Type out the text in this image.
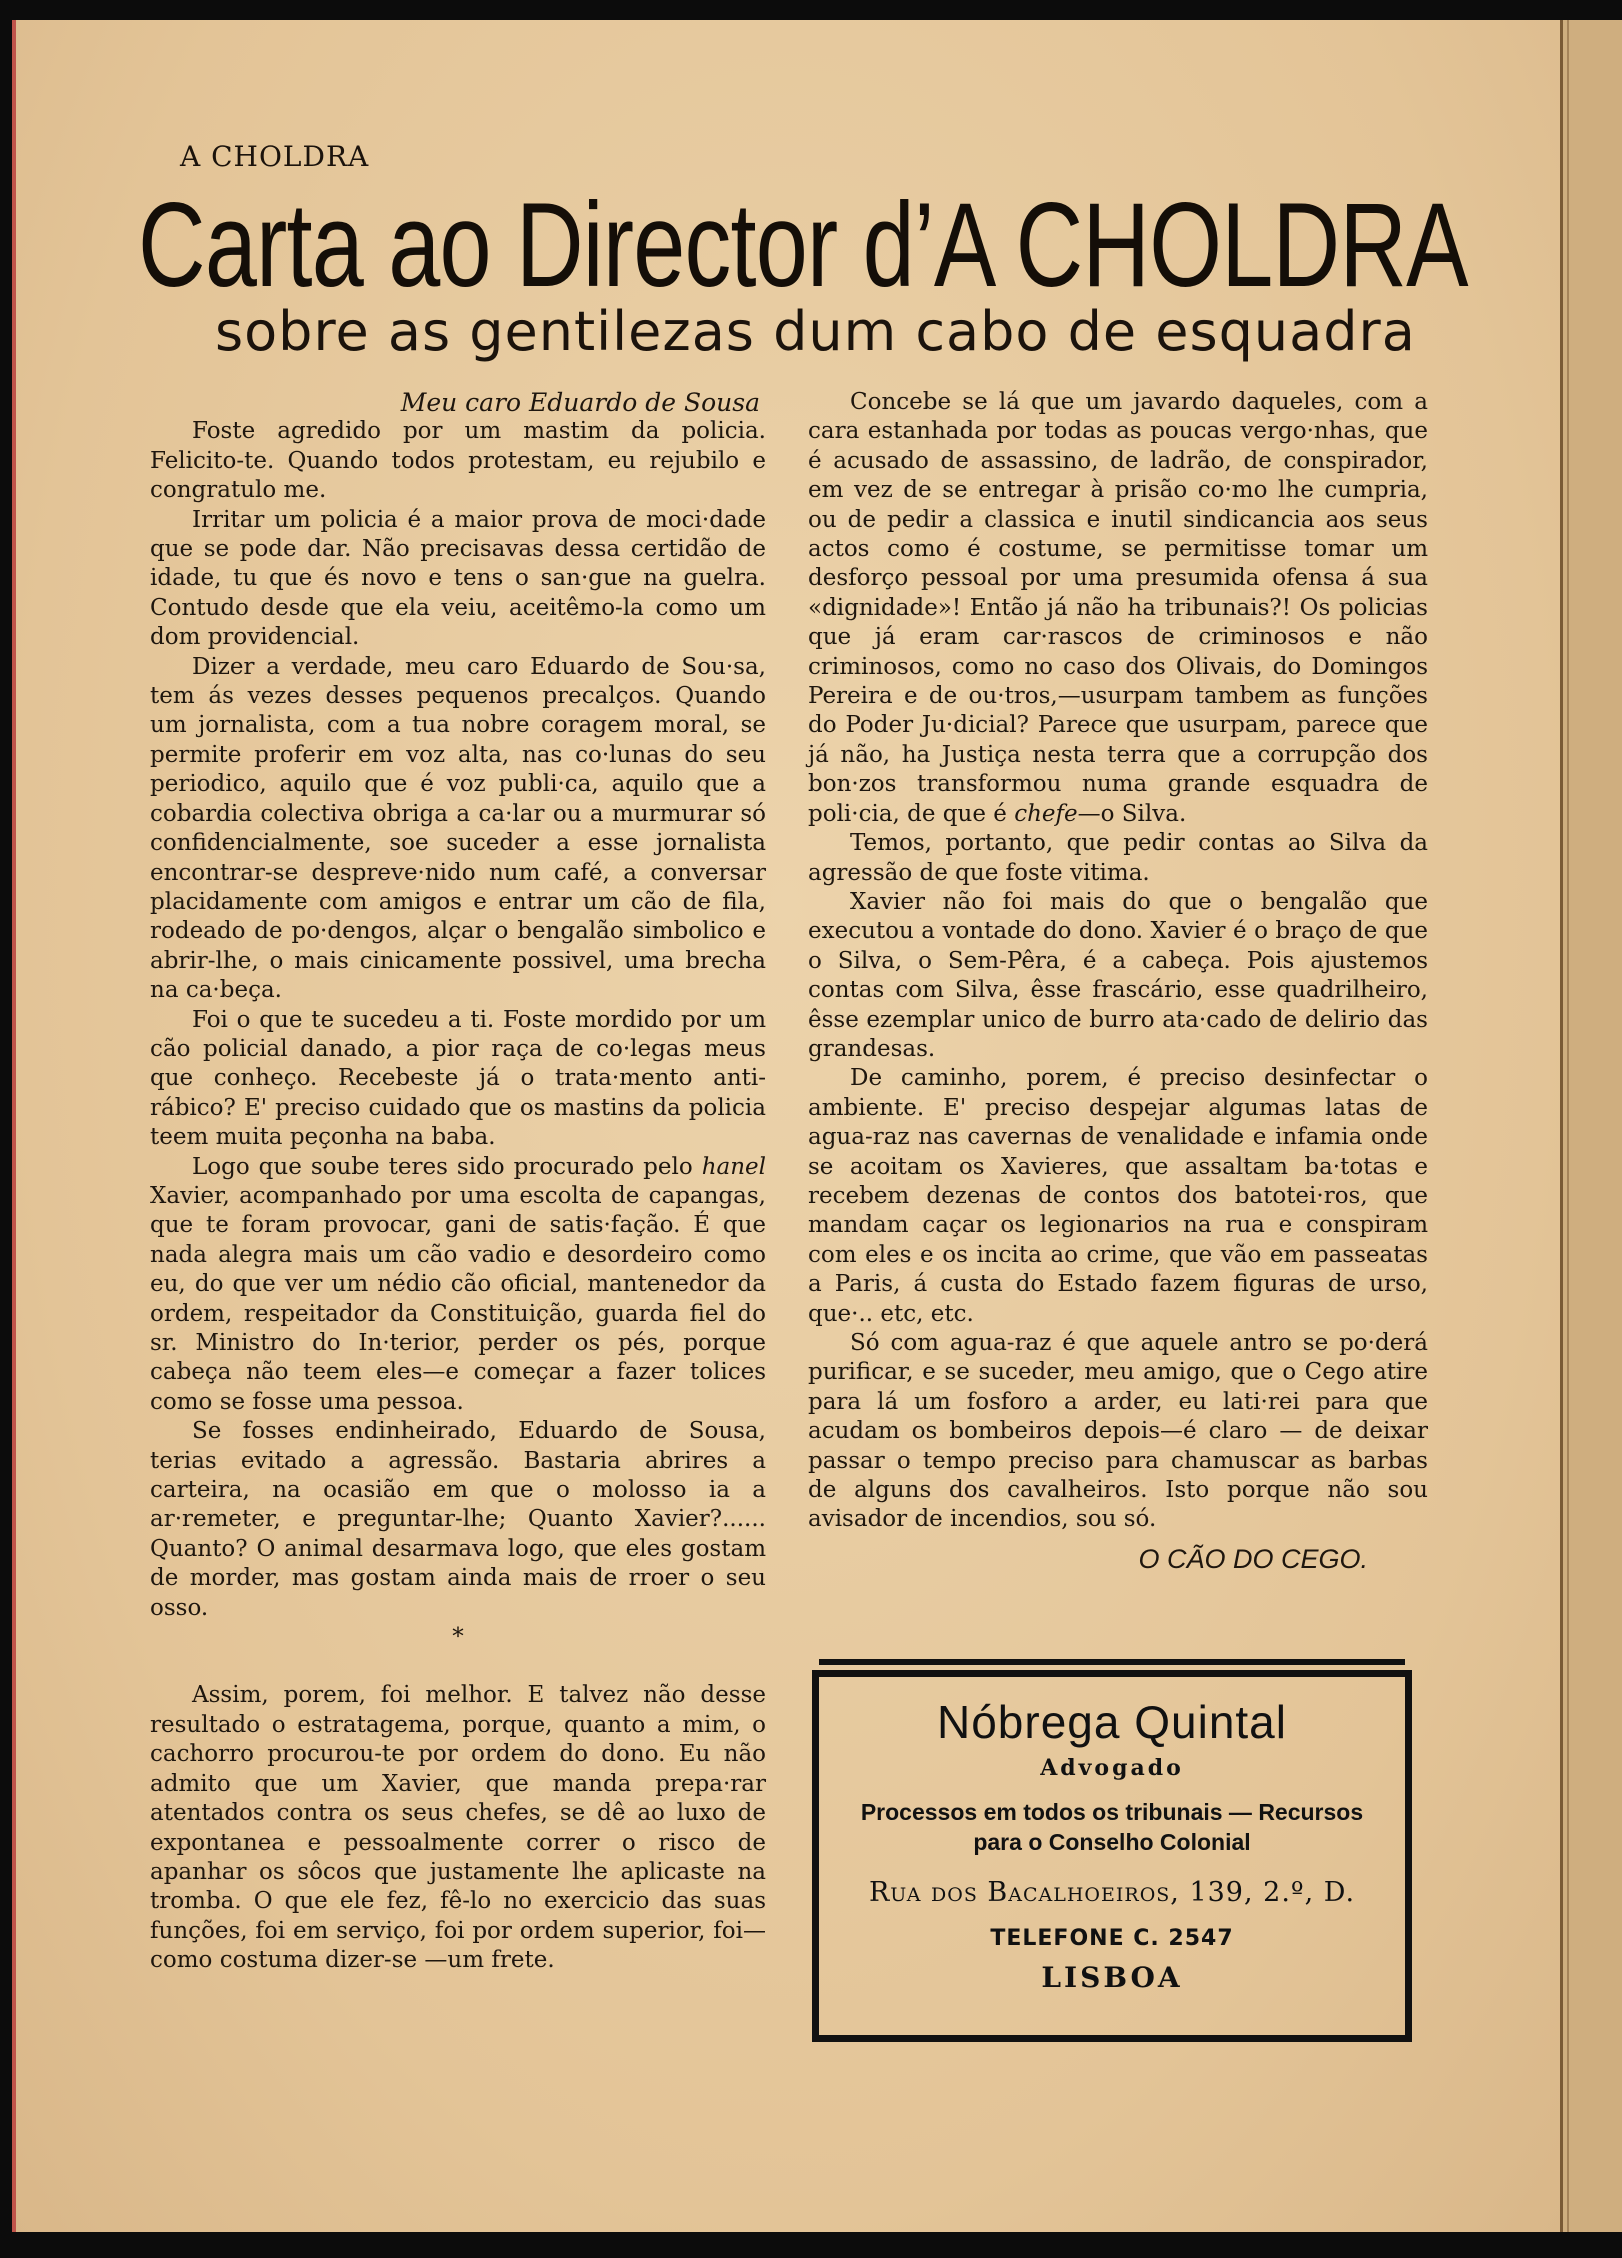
A CHOLDRA
Carta ao Director d’A CHOLDRA
sobre as gentilezas dum cabo de esquadra

Meu caro Eduardo de Sousa

Foste agredido por um mastim da policia. Felicito-te. Quando todos protestam, eu rejubilo e congratulo me.

Irritar um policia é a maior prova de moci·dade que se pode dar. Não precisavas dessa certidão de idade, tu que és novo e tens o san·gue na guelra. Contudo desde que ela veiu, aceitêmo-la como um dom providencial.

Dizer a verdade, meu caro Eduardo de Sou·sa, tem ás vezes desses pequenos precalços. Quando um jornalista, com a tua nobre coragem moral, se permite proferir em voz alta, nas co·lunas do seu periodico, aquilo que é voz publi·ca, aquilo que a cobardia colectiva obriga a ca·lar ou a murmurar só confidencialmente, soe suceder a esse jornalista encontrar-se despreve·nido num café, a conversar placidamente com amigos e entrar um cão de fila, rodeado de po·dengos, alçar o bengalão simbolico e abrir-lhe, o mais cinicamente possivel, uma brecha na ca·beça.

Foi o que te sucedeu a ti. Foste mordido por um cão policial danado, a pior raça de co·legas meus que conheço. Recebeste já o trata·mento anti-rábico? E' preciso cuidado que os mastins da policia teem muita peçonha na baba.

Logo que soube teres sido procurado pelo hanel Xavier, acompanhado por uma escolta de capangas, que te foram provocar, gani de satis·fação. É que nada alegra mais um cão vadio e desordeiro como eu, do que ver um nédio cão oficial, mantenedor da ordem, respeitador da Constituição, guarda fiel do sr. Ministro do In·terior, perder os pés, porque cabeça não teem eles—e começar a fazer tolices como se fosse uma pessoa.

Se fosses endinheirado, Eduardo de Sousa, terias evitado a agressão. Bastaria abrires a carteira, na ocasião em que o molosso ia a ar·remeter, e preguntar-lhe; Quanto Xavier?...... Quanto? O animal desarmava logo, que eles gostam de morder, mas gostam ainda mais de rroer o seu osso.

*

Assim, porem, foi melhor. E talvez não desse resultado o estratagema, porque, quanto a mim, o cachorro procurou-te por ordem do dono. Eu não admito que um Xavier, que manda prepa·rar atentados contra os seus chefes, se dê ao luxo de expontanea e pessoalmente correr o risco de apanhar os sôcos que justamente lhe aplicaste na tromba. O que ele fez, fê-lo no exercicio das suas funções, foi em serviço, foi por ordem superior, foi—como costuma dizer-se —um frete.

Concebe se lá que um javardo daqueles, com a cara estanhada por todas as poucas vergo·nhas, que é acusado de assassino, de ladrão, de conspirador, em vez de se entregar à prisão co·mo lhe cumpria, ou de pedir a classica e inutil sindicancia aos seus actos como é costume, se permitisse tomar um desforço pessoal por uma presumida ofensa á sua «dignidade»! Então já não ha tribunais?! Os policias que já eram car·rascos de criminosos e não criminosos, como no caso dos Olivais, do Domingos Pereira e de ou·tros,—usurpam tambem as funções do Poder Ju·dicial? Parece que usurpam, parece que já não, ha Justiça nesta terra que a corrupção dos bon·zos transformou numa grande esquadra de poli·cia, de que é chefe—o Silva.

Temos, portanto, que pedir contas ao Silva da agressão de que foste vitima.

Xavier não foi mais do que o bengalão que executou a vontade do dono. Xavier é o braço de que o Silva, o Sem-Pêra, é a cabeça. Pois ajustemos contas com Silva, êsse frascário, esse quadrilheiro, êsse ezemplar unico de burro ata·cado de delirio das grandesas.

De caminho, porem, é preciso desinfectar o ambiente. E' preciso despejar algumas latas de agua-raz nas cavernas de venalidade e infamia onde se acoitam os Xavieres, que assaltam ba·totas e recebem dezenas de contos dos batotei·ros, que mandam caçar os legionarios na rua e conspiram com eles e os incita ao crime, que vão em passeatas a Paris, á custa do Estado fazem figuras de urso, que·.. etc, etc.

Só com agua-raz é que aquele antro se po·derá purificar, e se suceder, meu amigo, que o Cego atire para lá um fosforo a arder, eu lati·rei para que acudam os bombeiros depois—é claro — de deixar passar o tempo preciso para chamuscar as barbas de alguns dos cavalheiros. Isto porque não sou avisador de incendios, sou só.

O CÃO DO CEGO.

Nóbrega Quintal
Advogado
Processos em todos os tribunais — Recursos
para o Conselho Colonial
Rua dos Bacalhoeiros, 139, 2.º, D.
TELEFONE C. 2547
LISBOA
